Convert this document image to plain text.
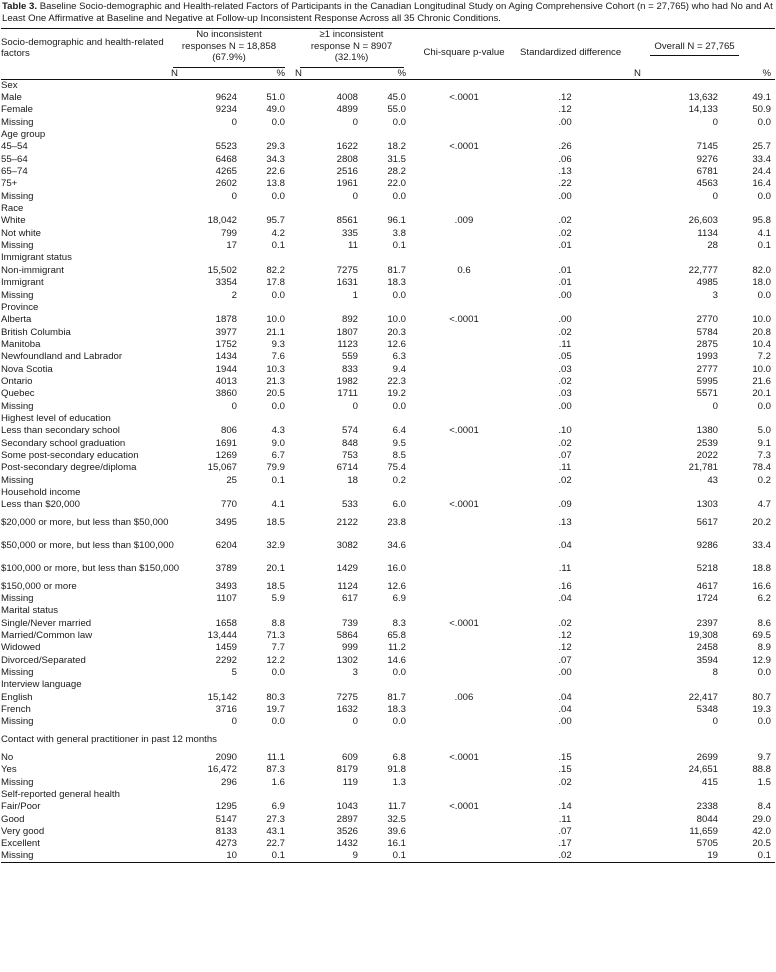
Table 3. Baseline Socio-demographic and Health-related Factors of Participants in the Canadian Longitudinal Study on Aging Comprehensive Cohort (n = 27,765) who had No and At Least One Affirmative at Baseline and Negative at Follow-up Inconsistent Response Across all 35 Chronic Conditions.
Socio-demographic and health-related factors	No inconsistent responses N = 18,858 (67.9%)		≥1 inconsistent response N = 8907 (32.1%)		Chi-square p-value	Standardized difference	Overall N = 27,765	
	N	%	N	%			N	%
Sex								
Male	9624	51.0	4008	45.0	<.0001	.12	13,632	49.1
Female	9234	49.0	4899	55.0		.12	14,133	50.9
Missing	0	0.0	0	0.0		.00	0	0.0
Age group								
45–54	5523	29.3	1622	18.2	<.0001	.26	7145	25.7
55–64	6468	34.3	2808	31.5		.06	9276	33.4
65–74	4265	22.6	2516	28.2		.13	6781	24.4
75+	2602	13.8	1961	22.0		.22	4563	16.4
Missing	0	0.0	0	0.0		.00	0	0.0
Race								
White	18,042	95.7	8561	96.1	.009	.02	26,603	95.8
Not white	799	4.2	335	3.8		.02	1134	4.1
Missing	17	0.1	11	0.1		.01	28	0.1
Immigrant status								
Non-immigrant	15,502	82.2	7275	81.7	0.6	.01	22,777	82.0
Immigrant	3354	17.8	1631	18.3		.01	4985	18.0
Missing	2	0.0	1	0.0		.00	3	0.0
Province								
Alberta	1878	10.0	892	10.0	<.0001	.00	2770	10.0
British Columbia	3977	21.1	1807	20.3		.02	5784	20.8
Manitoba	1752	9.3	1123	12.6		.11	2875	10.4
Newfoundland and Labrador	1434	7.6	559	6.3		.05	1993	7.2
Nova Scotia	1944	10.3	833	9.4		.03	2777	10.0
Ontario	4013	21.3	1982	22.3		.02	5995	21.6
Quebec	3860	20.5	1711	19.2		.03	5571	20.1
Missing	0	0.0	0	0.0		.00	0	0.0
Highest level of education								
Less than secondary school	806	4.3	574	6.4	<.0001	.10	1380	5.0
Secondary school graduation	1691	9.0	848	9.5		.02	2539	9.1
Some post-secondary education	1269	6.7	753	8.5		.07	2022	7.3
Post-secondary degree/diploma	15,067	79.9	6714	75.4		.11	21,781	78.4
Missing	25	0.1	18	0.2		.02	43	0.2
Household income								
Less than $20,000	770	4.1	533	6.0	<.0001	.09	1303	4.7
$20,000 or more, but less than $50,000	3495	18.5	2122	23.8		.13	5617	20.2
$50,000 or more, but less than $100,000	6204	32.9	3082	34.6		.04	9286	33.4
$100,000 or more, but less than $150,000	3789	20.1	1429	16.0		.11	5218	18.8
$150,000 or more	3493	18.5	1124	12.6		.16	4617	16.6
Missing	1107	5.9	617	6.9		.04	1724	6.2
Marital status								
Single/Never married	1658	8.8	739	8.3	<.0001	.02	2397	8.6
Married/Common law	13,444	71.3	5864	65.8		.12	19,308	69.5
Widowed	1459	7.7	999	11.2		.12	2458	8.9
Divorced/Separated	2292	12.2	1302	14.6		.07	3594	12.9
Missing	5	0.0	3	0.0		.00	8	0.0
Interview language								
English	15,142	80.3	7275	81.7	.006	.04	22,417	80.7
French	3716	19.7	1632	18.3		.04	5348	19.3
Missing	0	0.0	0	0.0		.00	0	0.0
Contact with general practitioner in past 12 months								
No	2090	11.1	609	6.8	<.0001	.15	2699	9.7
Yes	16,472	87.3	8179	91.8		.15	24,651	88.8
Missing	296	1.6	119	1.3		.02	415	1.5
Self-reported general health								
Fair/Poor	1295	6.9	1043	11.7	<.0001	.14	2338	8.4
Good	5147	27.3	2897	32.5		.11	8044	29.0
Very good	8133	43.1	3526	39.6		.07	11,659	42.0
Excellent	4273	22.7	1432	16.1		.17	5705	20.5
Missing	10	0.1	9	0.1		.02	19	0.1
